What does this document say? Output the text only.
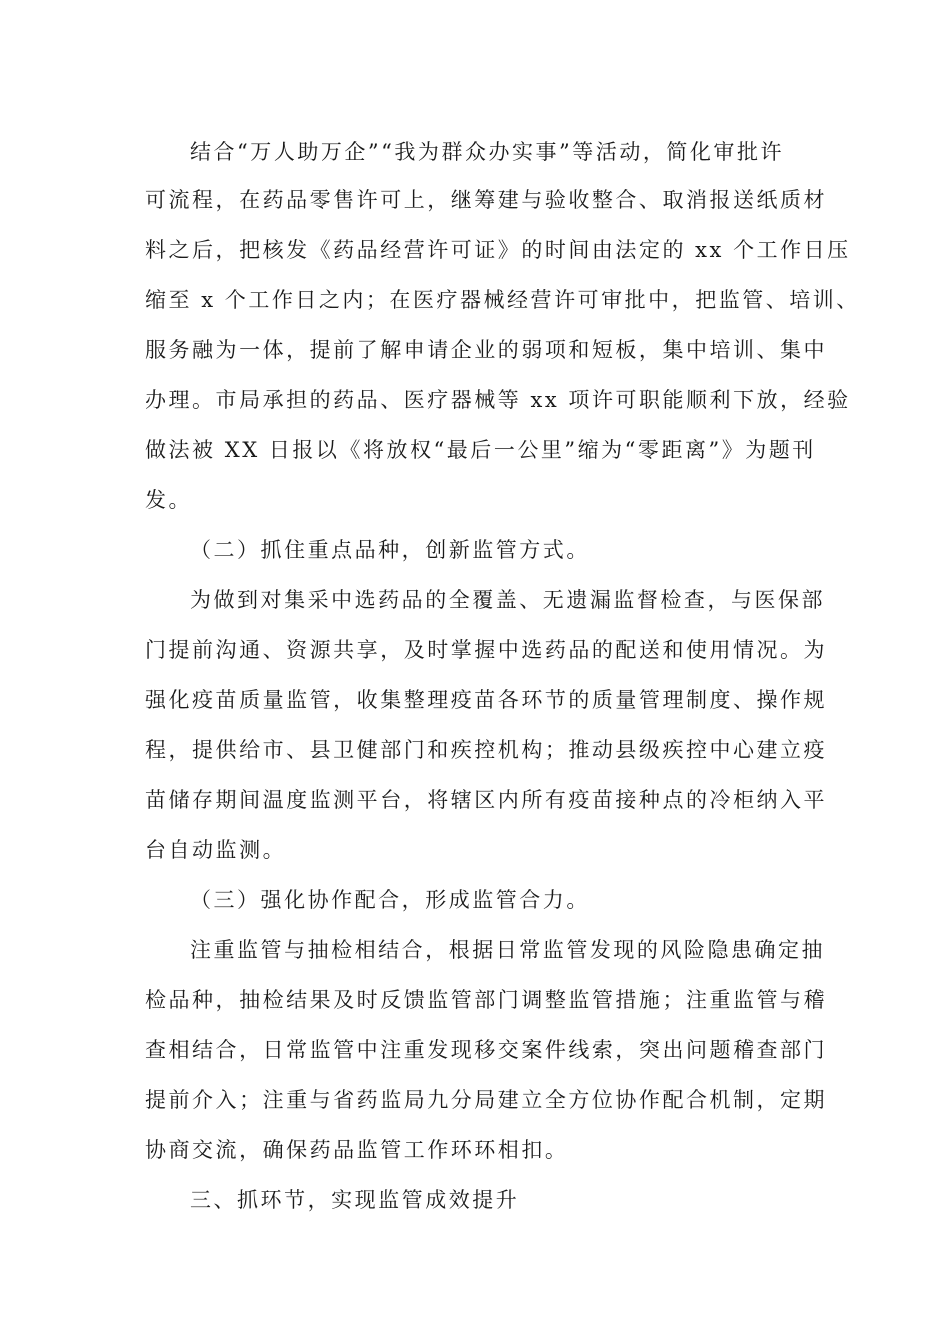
结合“万人助万企”“我为群众办实事”等活动，简化审批许
可流程，在药品零售许可上，继筹建与验收整合、取消报送纸质材
料之后，把核发《药品经营许可证》的时间由法定的 xx 个工作日压
缩至 x 个工作日之内；在医疗器械经营许可审批中，把监管、培训、
服务融为一体，提前了解申请企业的弱项和短板，集中培训、集中
办理。市局承担的药品、医疗器械等 xx 项许可职能顺利下放，经验
做法被 XX 日报以《将放权“最后一公里”缩为“零距离”》为题刊
发。
（二）抓住重点品种，创新监管方式。
为做到对集采中选药品的全覆盖、无遗漏监督检查，与医保部
门提前沟通、资源共享，及时掌握中选药品的配送和使用情况。为
强化疫苗质量监管，收集整理疫苗各环节的质量管理制度、操作规
程，提供给市、县卫健部门和疾控机构；推动县级疾控中心建立疫
苗储存期间温度监测平台，将辖区内所有疫苗接种点的冷柜纳入平
台自动监测。
（三）强化协作配合，形成监管合力。
注重监管与抽检相结合，根据日常监管发现的风险隐患确定抽
检品种，抽检结果及时反馈监管部门调整监管措施；注重监管与稽
查相结合，日常监管中注重发现移交案件线索，突出问题稽查部门
提前介入；注重与省药监局九分局建立全方位协作配合机制，定期
协商交流，确保药品监管工作环环相扣。
三、抓环节，实现监管成效提升
